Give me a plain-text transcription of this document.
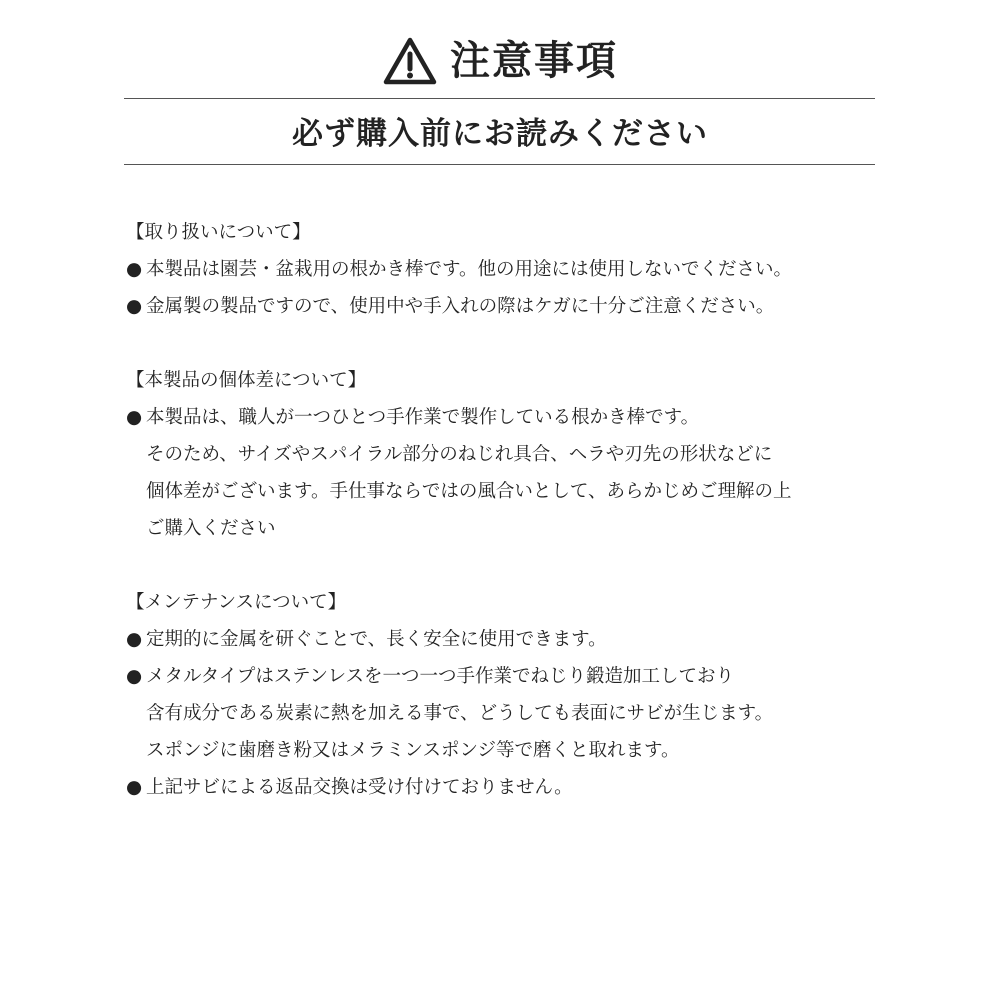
注意事項
必ず購入前にお読みください
【取り扱いについて】
● 本製品は園芸・盆栽用の根かき棒です。他の用途には使用しないでください。
● 金属製の製品ですので、使用中や手入れの際はケガに十分ご注意ください。
【本製品の個体差について】
● 本製品は、職人が一つひとつ手作業で製作している根かき棒です。
そのため、サイズやスパイラル部分のねじれ具合、ヘラや刃先の形状などに
個体差がございます。手仕事ならではの風合いとして、あらかじめご理解の上
ご購入ください
【メンテナンスについて】
● 定期的に金属を研ぐことで、長く安全に使用できます。
● メタルタイプはステンレスを一つ一つ手作業でねじり鍛造加工しており
含有成分である炭素に熱を加える事で、どうしても表面にサビが生じます。
スポンジに歯磨き粉又はメラミンスポンジ等で磨くと取れます。
● 上記サビによる返品交換は受け付けておりません。
